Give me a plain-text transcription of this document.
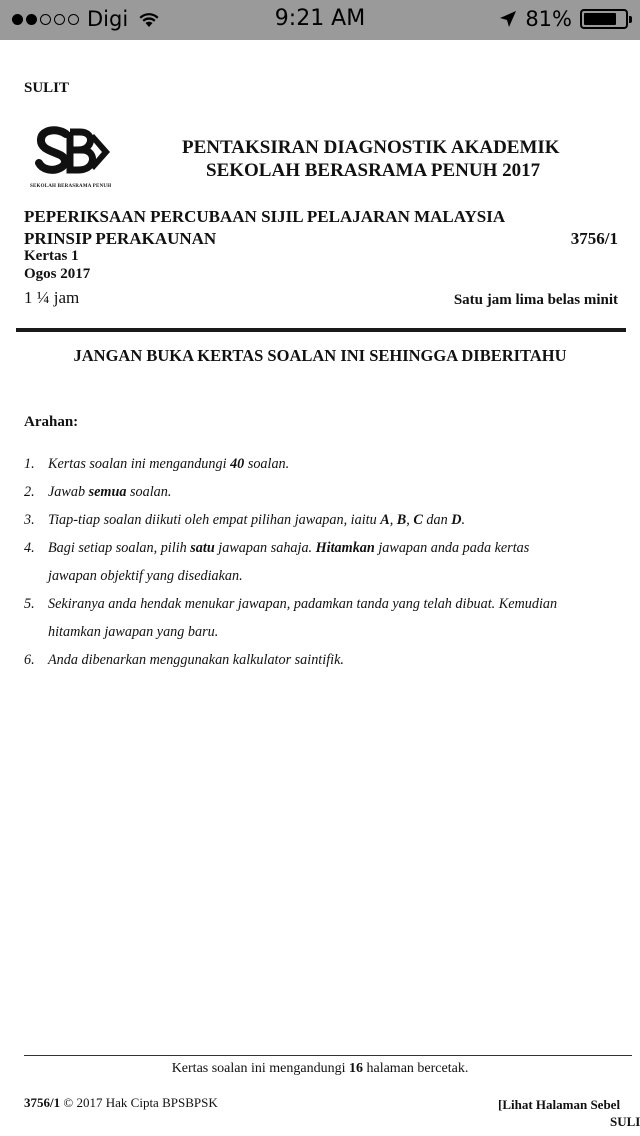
Digi	9:21 AM	81%
SULIT
SEKOLAH BERASRAMA PENUH
PENTAKSIRAN DIAGNOSTIK AKADEMIK
SEKOLAH BERASRAMA PENUH 2017
PEPERIKSAAN PERCUBAAN SIJIL PELAJARAN MALAYSIA
PRINSIP PERAKAUNAN	3756/1
Kertas 1
Ogos 2017
1 ¼ jam	Satu jam lima belas minit
JANGAN BUKA KERTAS SOALAN INI SEHINGGA DIBERITAHU
Arahan:
1. Kertas soalan ini mengandungi 40 soalan.
2. Jawab semua soalan.
3. Tiap-tiap soalan diikuti oleh empat pilihan jawapan, iaitu A, B, C dan D.
4. Bagi setiap soalan, pilih satu jawapan sahaja. Hitamkan jawapan anda pada kertas
jawapan objektif yang disediakan.
5. Sekiranya anda hendak menukar jawapan, padamkan tanda yang telah dibuat. Kemudian
hitamkan jawapan yang baru.
6. Anda dibenarkan menggunakan kalkulator saintifik.
Kertas soalan ini mengandungi 16 halaman bercetak.
3756/1 © 2017 Hak Cipta BPSBPSK	[Lihat Halaman Sebel
SULI
